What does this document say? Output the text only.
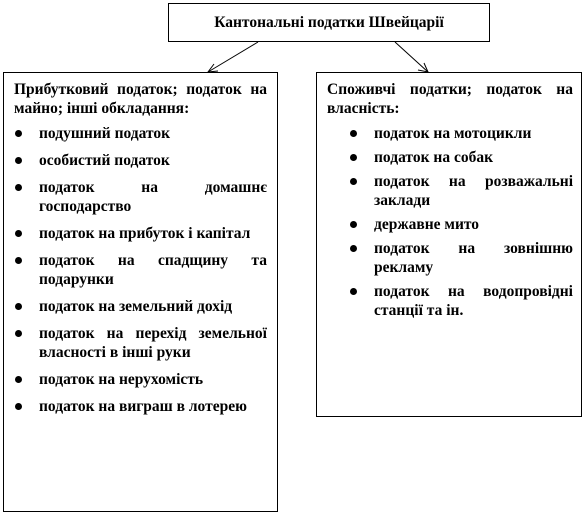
Кантональні податки Швейцарії
Прибутковий податок; податок на майно; інші обкладання:
подушний податок
особистий податок
податок на домашнє господарство
податок на прибуток і капітал
податок на спадщину та подарунки
податок на земельний дохід
податок на перехід земельної власності в інші руки
податок на нерухомість
податок на виграш в лотерею
Споживчі податки; податок на власність:
податок на мотоцикли
податок на собак
податок на розважальні заклади
державне мито
податок на зовнішню рекламу
податок на водопровідні станції та ін.
